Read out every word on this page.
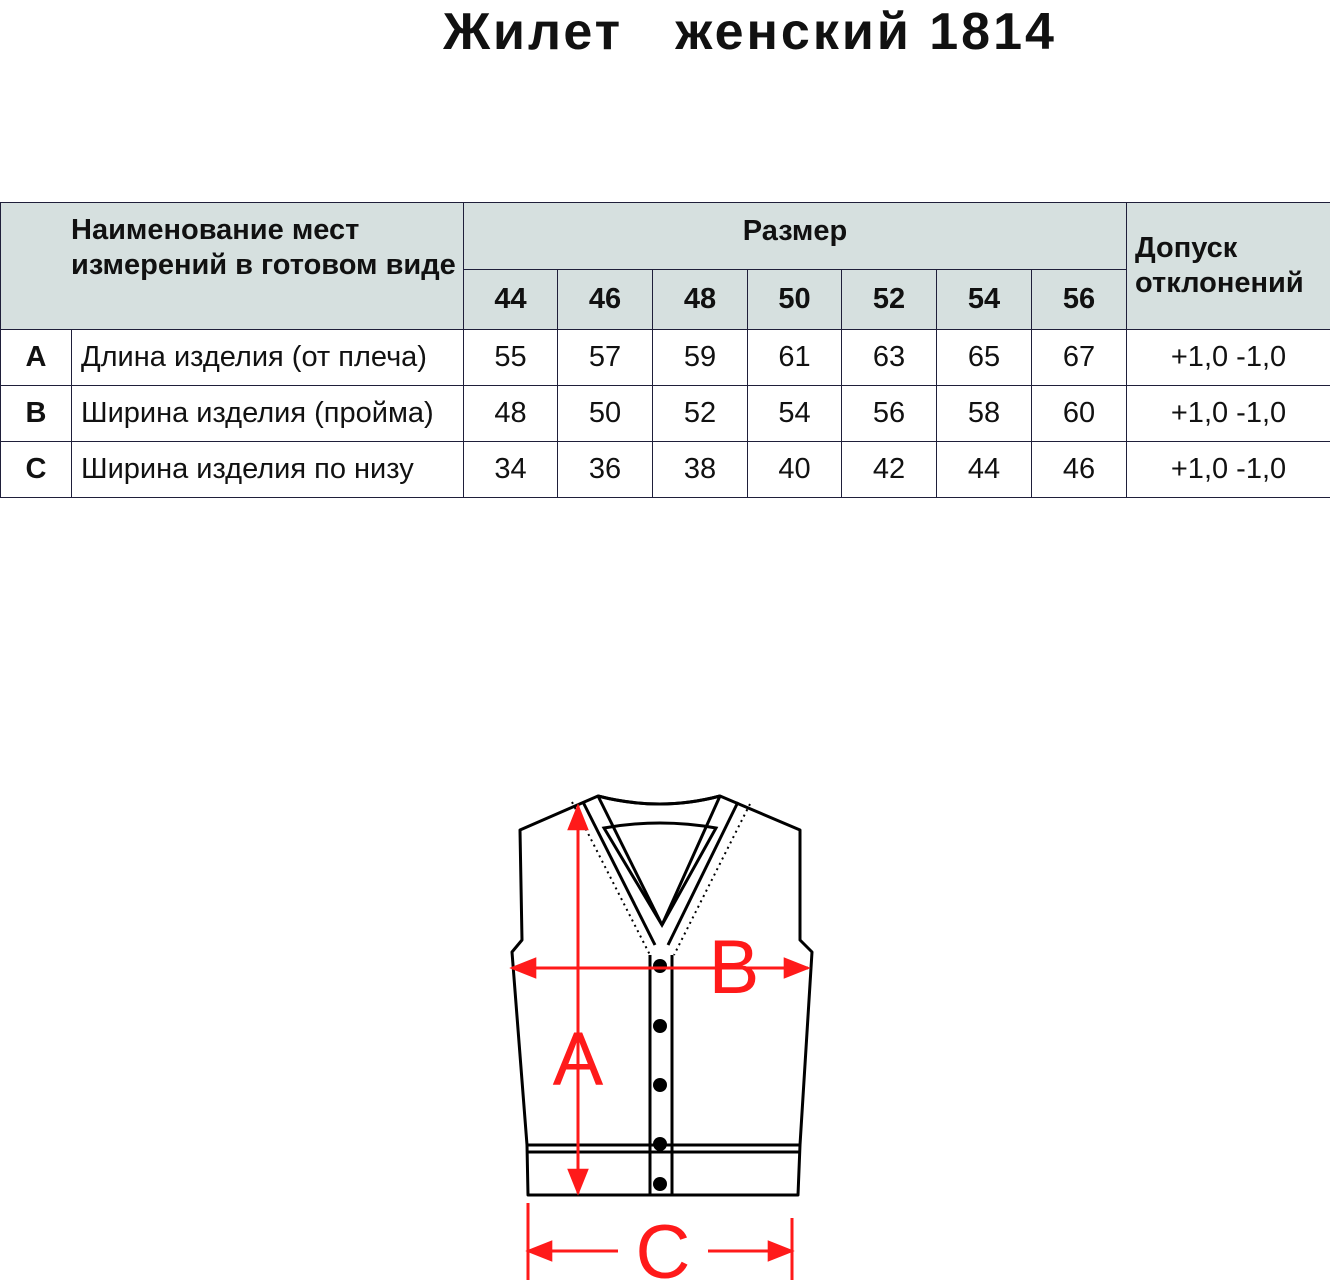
Жилет   женский 1814
Наименование мест измерений в готовом виде		Размер							Допуск отклонений
		44	46	48	50	52	54	56	
A	Длина изделия (от плеча)	55	57	59	61	63	65	67	+1,0 -1,0
B	Ширина изделия (пройма)	48	50	52	54	56	58	60	+1,0 -1,0
C	Ширина изделия по низу	34	36	38	40	42	44	46	+1,0 -1,0
A
B
C
